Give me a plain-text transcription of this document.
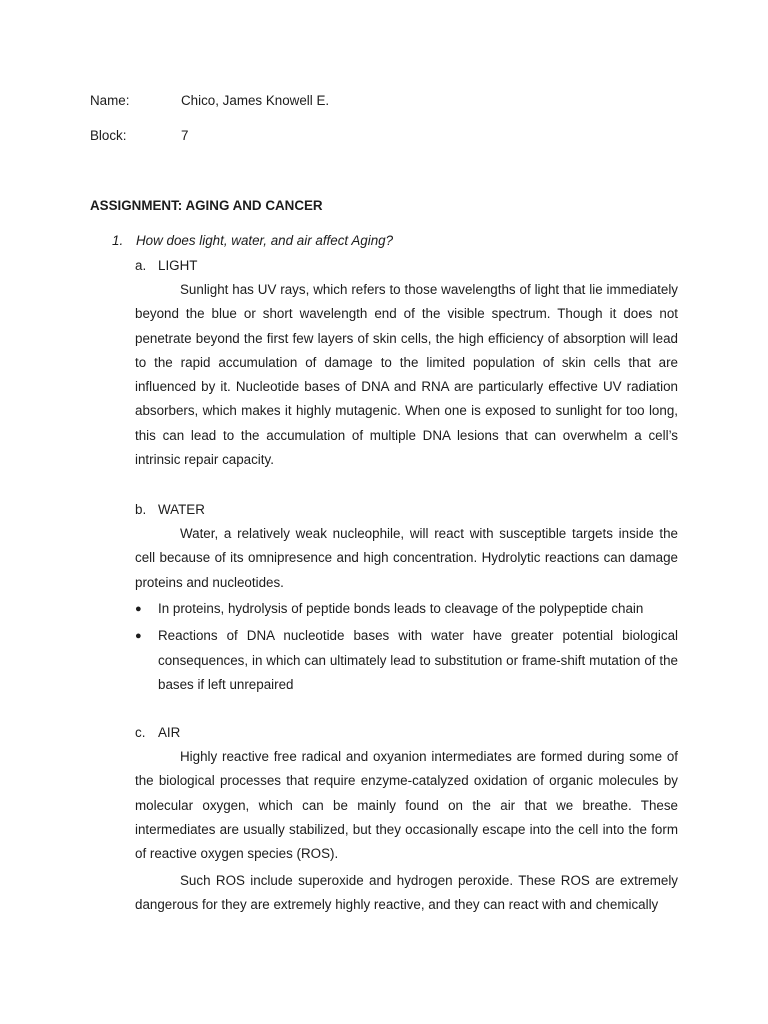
Name:	Chico, James Knowell E.
Block:	7
ASSIGNMENT: AGING AND CANCER
1. How does light, water, and air affect Aging?
a. LIGHT

Sunlight has UV rays, which refers to those wavelengths of light that lie immediately beyond the blue or short wavelength end of the visible spectrum. Though it does not penetrate beyond the first few layers of skin cells, the high efficiency of absorption will lead to the rapid accumulation of damage to the limited population of skin cells that are influenced by it. Nucleotide bases of DNA and RNA are particularly effective UV radiation absorbers, which makes it highly mutagenic. When one is exposed to sunlight for too long, this can lead to the accumulation of multiple DNA lesions that can overwhelm a cell’s intrinsic repair capacity.

b. WATER

Water, a relatively weak nucleophile, will react with susceptible targets inside the cell because of its omnipresence and high concentration. Hydrolytic reactions can damage proteins and nucleotides.

●	In proteins, hydrolysis of peptide bonds leads to cleavage of the polypeptide chain
●	Reactions of DNA nucleotide bases with water have greater potential biological consequences, in which can ultimately lead to substitution or frame-shift mutation of the bases if left unrepaired
c. AIR

Highly reactive free radical and oxyanion intermediates are formed during some of the biological processes that require enzyme-catalyzed oxidation of organic molecules by molecular oxygen, which can be mainly found on the air that we breathe. These intermediates are usually stabilized, but they occasionally escape into the cell into the form of reactive oxygen species (ROS).

Such ROS include superoxide and hydrogen peroxide. These ROS are extremely dangerous for they are extremely highly reactive, and they can react with and chemically
